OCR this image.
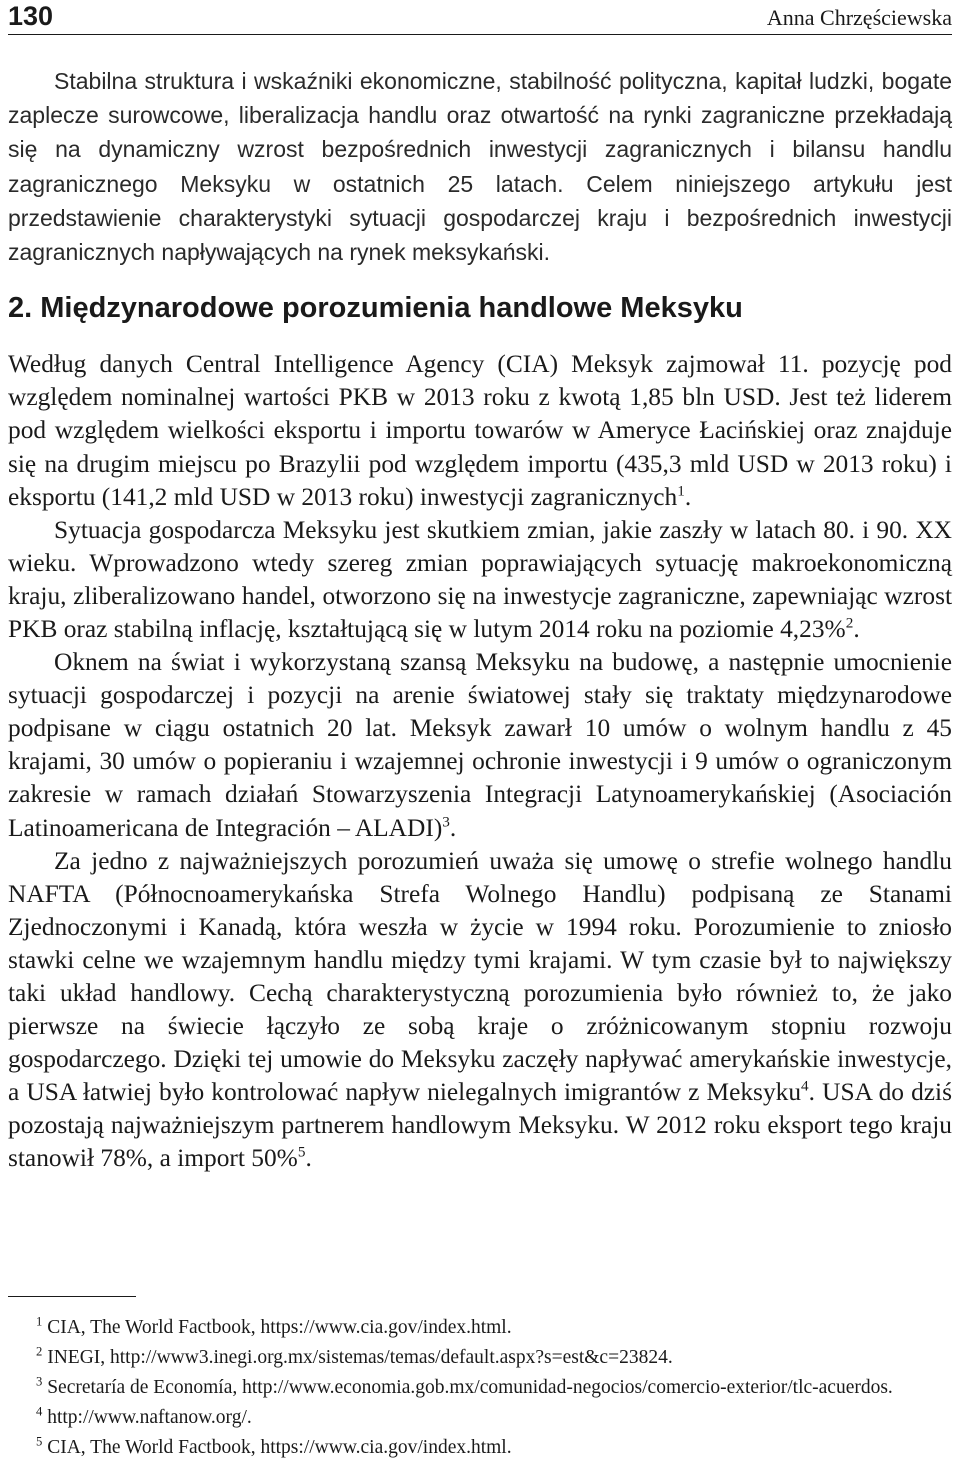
130	Anna Chrzęściewska

Stabilna struktura i wskaźniki ekonomiczne, stabilność polityczna, kapitał ludzki, bogate zaplecze surowcowe, liberalizacja handlu oraz otwartość na rynki zagraniczne przekładają się na dynamiczny wzrost bezpośrednich inwestycji zagranicznych i bilansu handlu zagranicznego Meksyku w ostatnich 25 latach. Celem niniejszego artykułu jest przedstawienie charakterystyki sytuacji gospodarczej kraju i bezpośrednich inwestycji zagranicznych napływających na rynek meksykański.

2. Międzynarodowe porozumienia handlowe Meksyku

Według danych Central Intelligence Agency (CIA) Meksyk zajmował 11. pozycję pod względem nominalnej wartości PKB w 2013 roku z kwotą 1,85 bln USD. Jest też liderem pod względem wielkości eksportu i importu towarów w Ameryce Łacińskiej oraz znajduje się na drugim miejscu po Brazylii pod względem importu (435,3 mld USD w 2013 roku) i eksportu (141,2 mld USD w 2013 roku) inwestycji zagranicznych$^1$.

Sytuacja gospodarcza Meksyku jest skutkiem zmian, jakie zaszły w latach 80. i 90. XX wieku. Wprowadzono wtedy szereg zmian poprawiających sytuację makroekonomiczną kraju, zliberalizowano handel, otworzono się na inwestycje zagraniczne, zapewniając wzrost PKB oraz stabilną inflację, kształtującą się w lutym 2014 roku na poziomie 4,23%$^2$.

Oknem na świat i wykorzystaną szansą Meksyku na budowę, a następnie umocnienie sytuacji gospodarczej i pozycji na arenie światowej stały się traktaty międzynarodowe podpisane w ciągu ostatnich 20 lat. Meksyk zawarł 10 umów o wolnym handlu z 45 krajami, 30 umów o popieraniu i wzajemnej ochronie inwestycji i 9 umów o ograniczonym zakresie w ramach działań Stowarzyszenia Integracji Latynoamerykańskiej (Asociación Latinoamericana de Integración – ALADI)$^3$.

Za jedno z najważniejszych porozumień uważa się umowę o strefie wolnego handlu NAFTA (Północnoamerykańska Strefa Wolnego Handlu) podpisaną ze Stanami Zjednoczonymi i Kanadą, która weszła w życie w 1994 roku. Porozumienie to zniosło stawki celne we wzajemnym handlu między tymi krajami. W tym czasie był to największy taki układ handlowy. Cechą charakterystyczną porozumienia było również to, że jako pierwsze na świecie łączyło ze sobą kraje o zróżnicowanym stopniu rozwoju gospodarczego. Dzięki tej umowie do Meksyku zaczęły napływać amerykańskie inwestycje, a USA łatwiej było kontrolować napływ nielegalnych imigrantów z Meksyku$^4$. USA do dziś pozostają najważniejszym partnerem handlowym Meksyku. W 2012 roku eksport tego kraju stanowił 78%, a import 50%$^5$.

$^1$ CIA, The World Factbook, https://www.cia.gov/index.html.

$^2$ INEGI, http://www3.inegi.org.mx/sistemas/temas/default.aspx?s=est&c=23824.

$^3$ Secretaría de Economía, http://www.economia.gob.mx/comunidad-negocios/comercio-exterior/tlc-acuerdos.

$^4$ http://www.naftanow.org/.

$^5$ CIA, The World Factbook, https://www.cia.gov/index.html.
